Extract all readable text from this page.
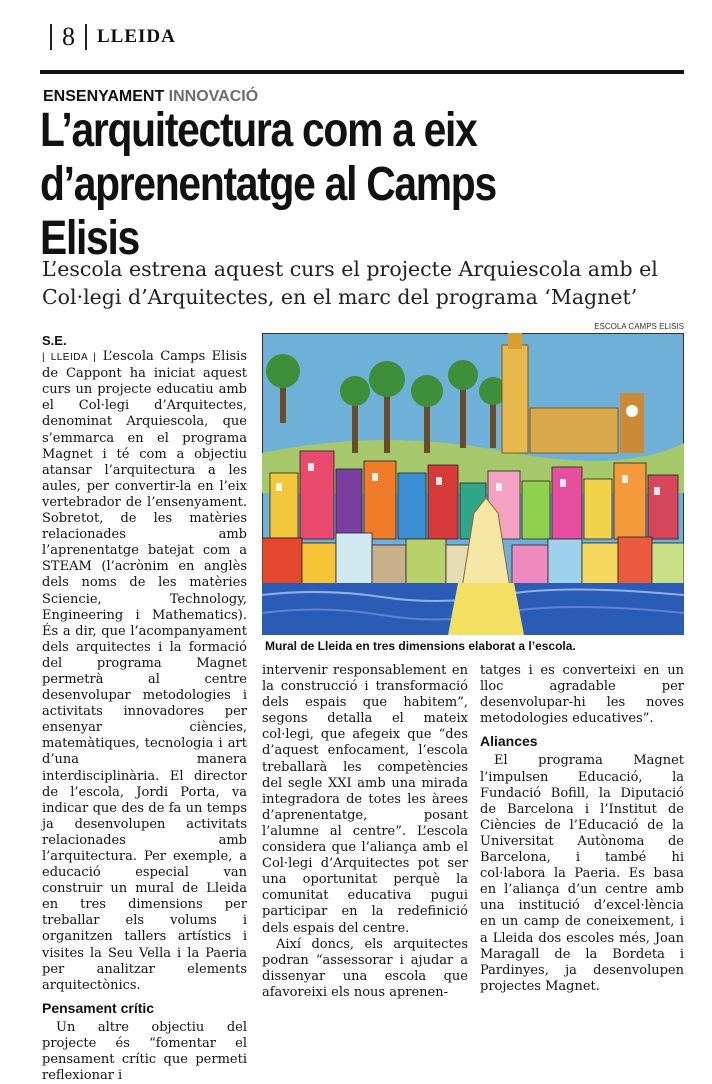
8 LLEIDA
ENSENYAMENT INNOVACIÓ
L’arquitectura com a eix
d’aprenentatge al Camps Elisis
L’escola estrena aquest curs el projecte Arquiescola amb el Col·legi d’Arquitectes, en el marc del programa ‘Magnet’
S.E.

| LLEIDA | L’escola Camps Elisis de Cappont ha iniciat aquest curs un projecte educatiu amb el Col·legi d’Arquitectes, denominat Arquiescola, que s’emmarca en el programa Magnet i té com a objectiu atansar l’arquitectura a les aules, per convertir-la en l’eix vertebrador de l’ensenyament. Sobretot, de les matèries relacionades amb l’aprenentatge batejat com a STEAM (l’acrònim en anglès dels noms de les matèries Sciencie, Technology, Engineering i Mathematics). És a dir, que l’acompanyament dels arquitectes i la formació del programa Magnet permetrà al centre desenvolupar metodologies i activitats innovadores per ensenyar ciències, matemàtiques, tecnologia i art d’una manera interdisciplinària. El director de l’escola, Jordi Porta, va indicar que des de fa un temps ja desenvolupen activitats relacionades amb l’arquitectura. Per exemple, a educació especial van construir un mural de Lleida en tres dimensions per treballar els volums i organitzen tallers artístics i visites la Seu Vella i la Paeria per analitzar elements arquitectònics.

Pensament crític

Un altre objectiu del projecte és “fomentar el pensament crític que permeti reflexionar i

ESCOLA CAMPS ELISIS
Mural de Lleida en tres dimensions elaborat a l’escola.

intervenir responsablement en la construcció i transformació dels espais que habitem”, segons detalla el mateix col·legi, que afegeix que “des d’aquest enfocament, l’escola treballarà les competències del segle XXI amb una mirada integradora de totes les àrees d’aprenentatge, posant l’alumne al centre”. L’escola considera que l’aliança amb el Col·legi d’Arquitectes pot ser una oportunitat perquè la comunitat educativa pugui participar en la redefinició dels espais del centre.

Així doncs, els arquitectes podran “assessorar i ajudar a dissenyar una escola que afavoreixi els nous aprenen-

tatges i es converteixi en un lloc agradable per desenvolupar-hi les noves metodologies educatives”.

Aliances

El programa Magnet l’impulsen Educació, la Fundació Bofill, la Diputació de Barcelona i l’Institut de Ciències de l’Educació de la Universitat Autònoma de Barcelona, i també hi col·labora la Paeria. Es basa en l’aliança d’un centre amb una institució d’excel·lència en un camp de coneixement, i a Lleida dos escoles més, Joan Maragall de la Bordeta i Pardinyes, ja desenvolupen projectes Magnet.
